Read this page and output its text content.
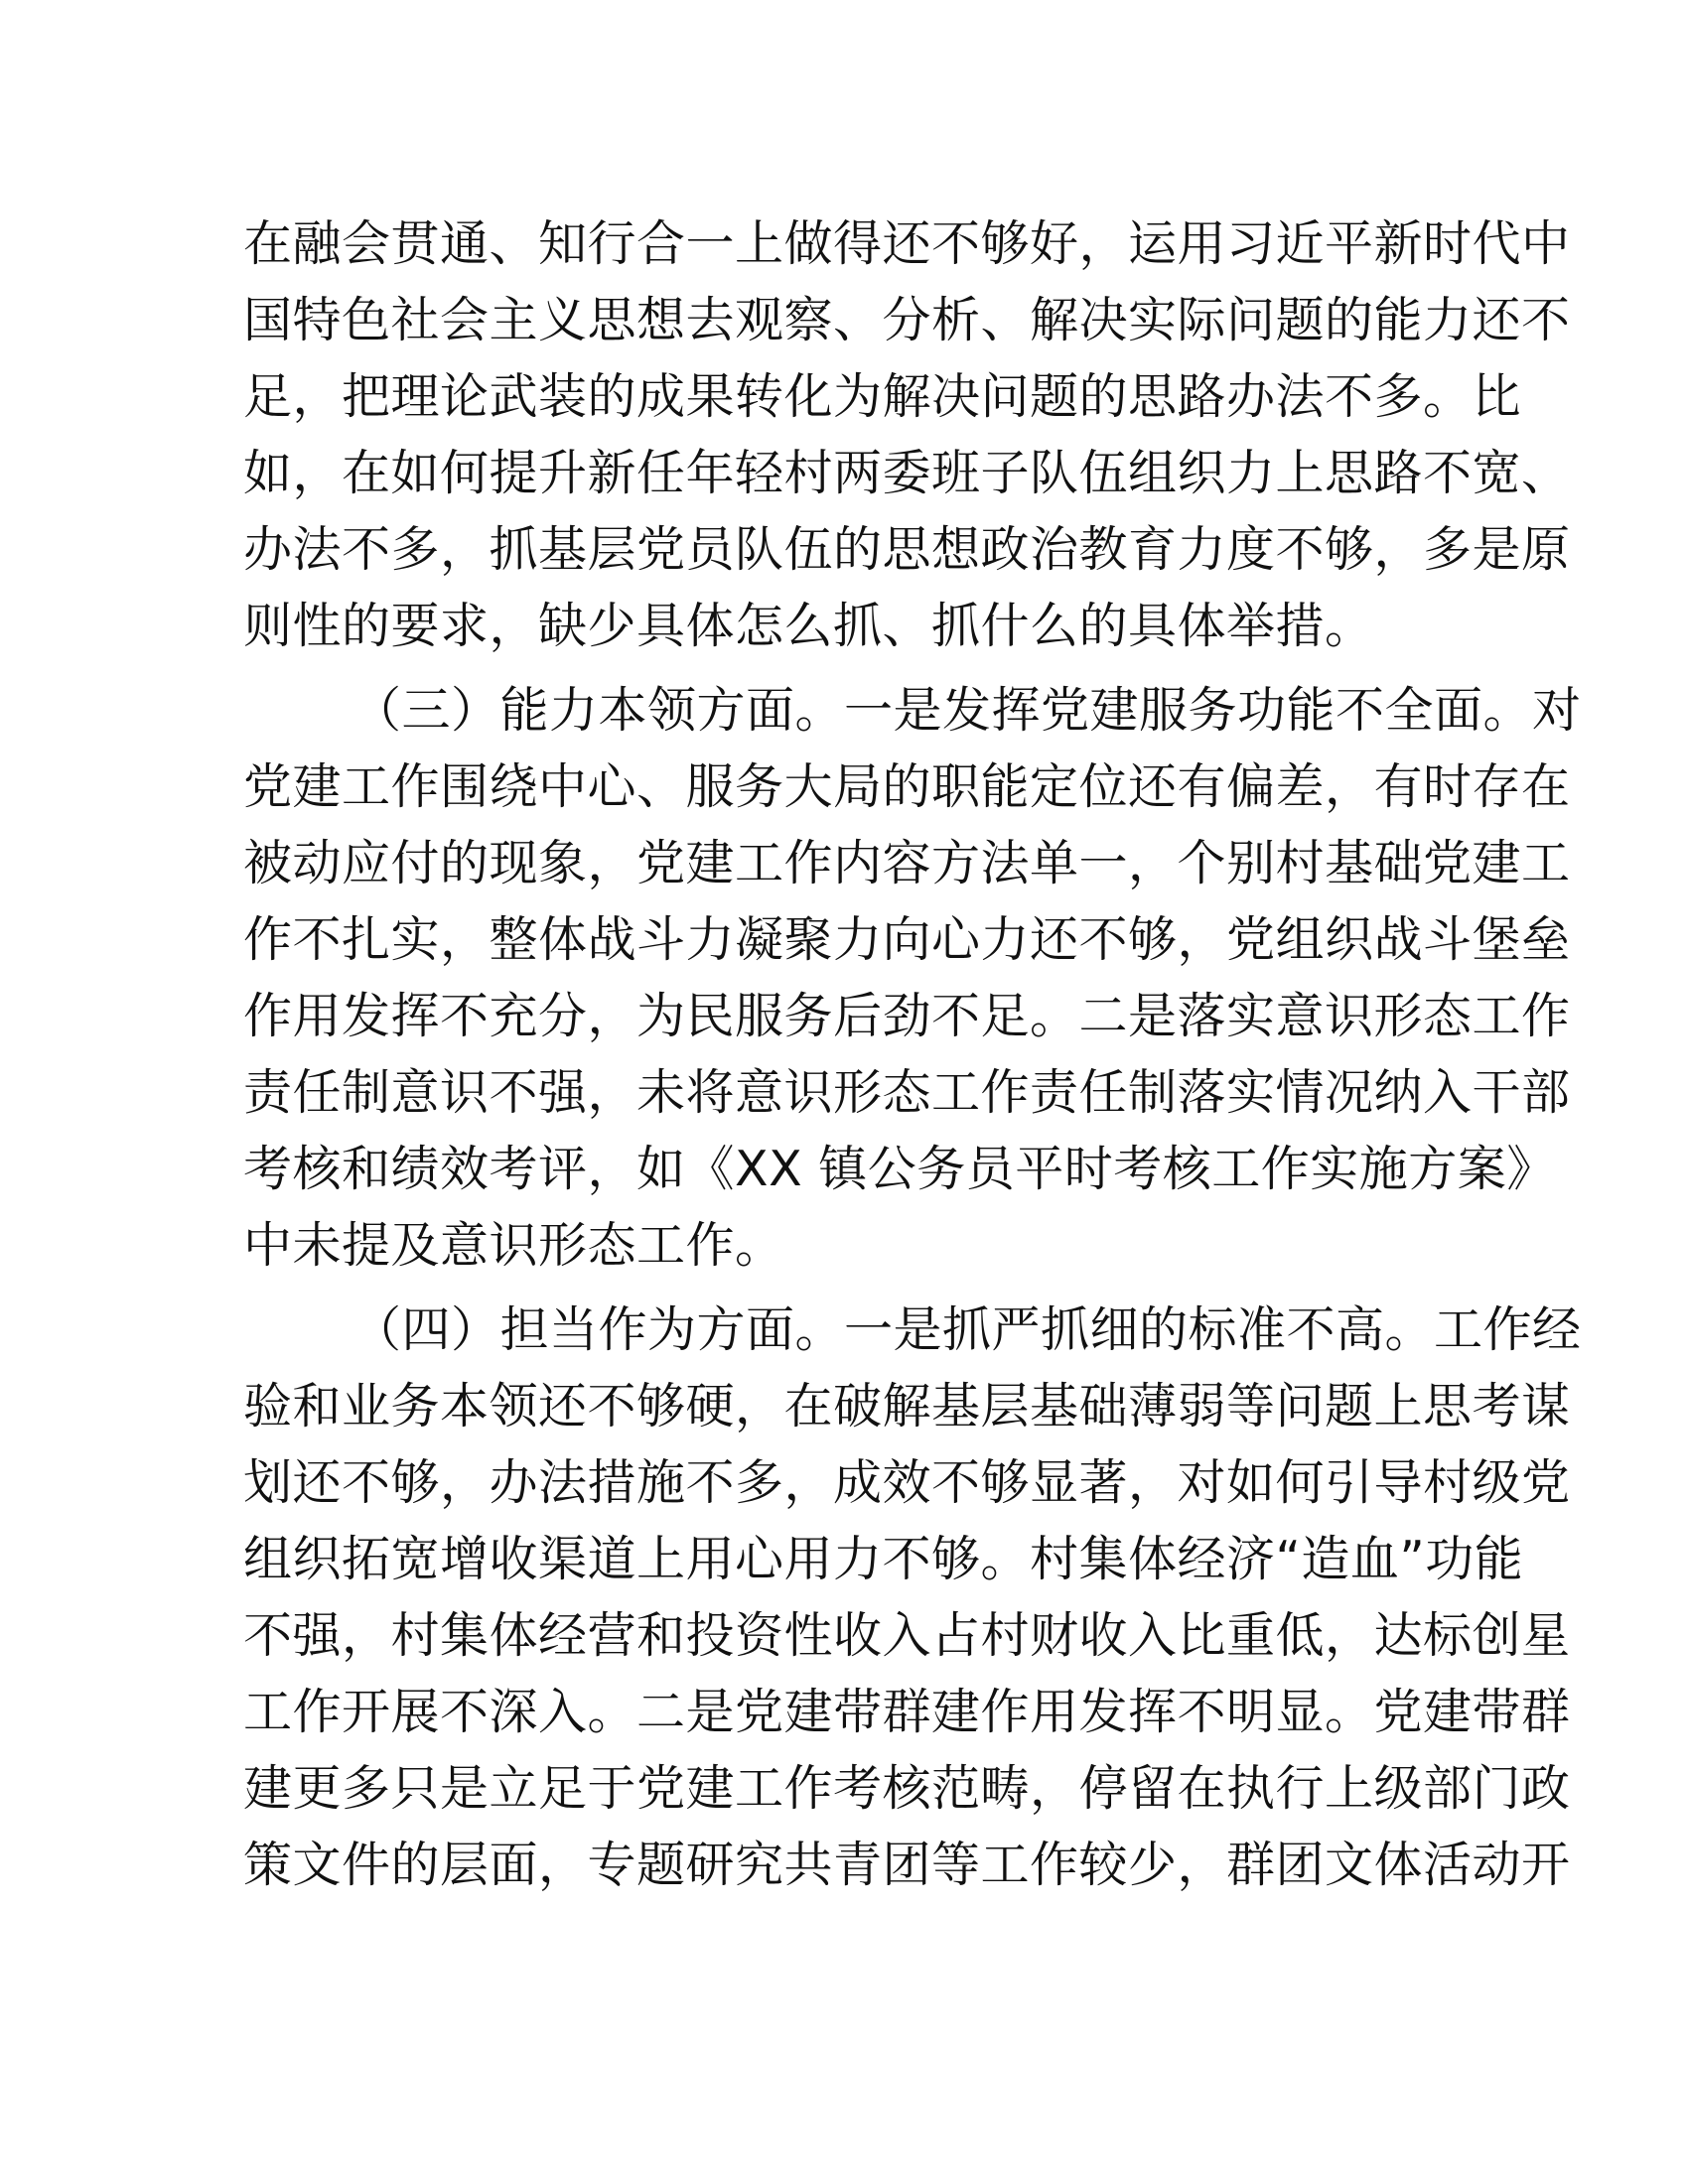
在融会贯通、知行合一上做得还不够好，运用习近平新时代中
国特色社会主义思想去观察、分析、解决实际问题的能力还不
足，把理论武装的成果转化为解决问题的思路办法不多。比
如，在如何提升新任年轻村两委班子队伍组织力上思路不宽、
办法不多，抓基层党员队伍的思想政治教育力度不够，多是原
则性的要求，缺少具体怎么抓、抓什么的具体举措。
（三）能力本领方面。一是发挥党建服务功能不全面。对
党建工作围绕中心、服务大局的职能定位还有偏差，有时存在
被动应付的现象，党建工作内容方法单一，个别村基础党建工
作不扎实，整体战斗力凝聚力向心力还不够，党组织战斗堡垒
作用发挥不充分，为民服务后劲不足。二是落实意识形态工作
责任制意识不强，未将意识形态工作责任制落实情况纳入干部
考核和绩效考评，如《XX 镇公务员平时考核工作实施方案》
中未提及意识形态工作。
（四）担当作为方面。一是抓严抓细的标准不高。工作经
验和业务本领还不够硬，在破解基层基础薄弱等问题上思考谋
划还不够，办法措施不多，成效不够显著，对如何引导村级党
组织拓宽增收渠道上用心用力不够。村集体经济“造血”功能
不强，村集体经营和投资性收入占村财收入比重低，达标创星
工作开展不深入。二是党建带群建作用发挥不明显。党建带群
建更多只是立足于党建工作考核范畴，停留在执行上级部门政
策文件的层面，专题研究共青团等工作较少，群团文体活动开
